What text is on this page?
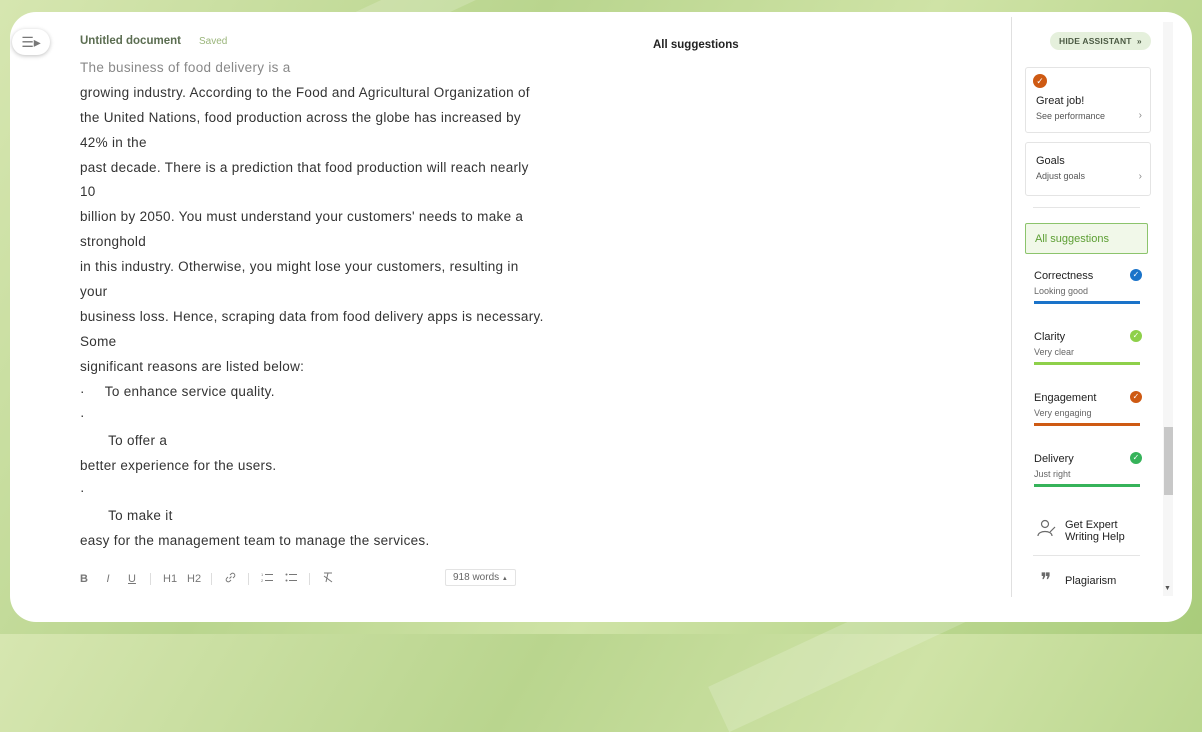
☰▸	Untitled document Saved	All suggestions
The business of food delivery is a
growing industry. According to the Food and Agricultural Organization of
the United Nations, food production across the globe has increased by
42% in the
past decade. There is a prediction that food production will reach nearly
10
billion by 2050. You must understand your customers' needs to make a
stronghold
in this industry. Otherwise, you might lose your customers, resulting in
your
business loss. Hence, scraping data from food delivery apps is necessary.
Some
significant reasons are listed below:
·     To enhance service quality.
·
To offer a
better experience for the users.
·
To make it
easy for the management team to manage the services.
B	I	U H1 H2	1
2	918 words ▲
▼
HIDE ASSISTANT  »
Great job!
See performance	›
✓
Goals
Adjust goals	›
All suggestions
Correctness
Looking good
✓
Clarity
Very clear
✓
Engagement
Very engaging
✓
Delivery
Just right
✓
Get Expert Writing Help
❞	Plagiarism
